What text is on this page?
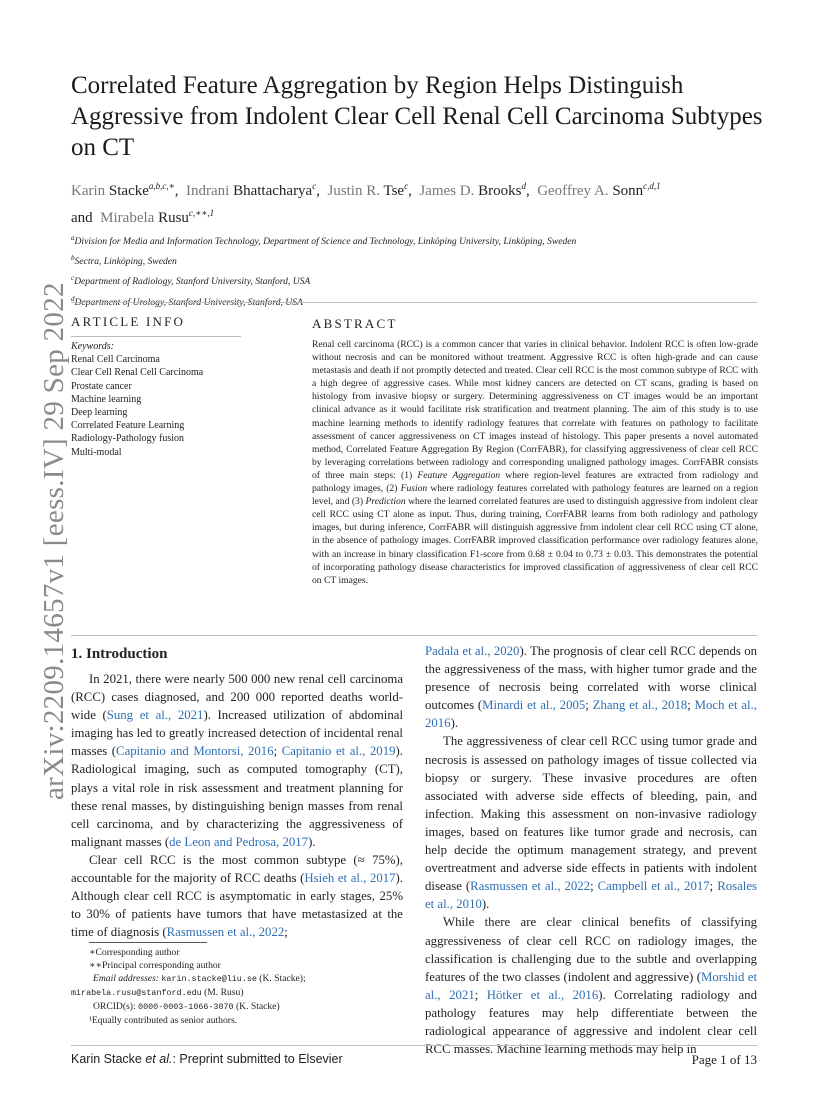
arXiv:2209.14657v1 [eess.IV] 29 Sep 2022
Correlated Feature Aggregation by Region Helps Distinguish Aggressive from Indolent Clear Cell Renal Cell Carcinoma Subtypes on CT
Karin Stacke$^{a,b,c,∗}$,  Indrani Bhattacharya$^c$,  Justin R. Tse$^c$,  James D. Brooks$^d$,  Geoffrey A. Sonn$^{c,d,1}$
and Mirabela Rusu$^{c,∗∗,1}$
$^a$Division for Media and Information Technology, Department of Science and Technology, Linköping University, Linköping, Sweden
$^b$Sectra, Linköping, Sweden
$^c$Department of Radiology, Stanford University, Stanford, USA
$^d$Department of Urology, Stanford University, Stanford, USA
ARTICLE INFO	ABSTRACT
Keywords:
Renal Cell Carcinoma
Clear Cell Renal Cell Carcinoma
Prostate cancer
Machine learning
Deep learning
Correlated Feature Learning
Radiology-Pathology fusion
Multi-modal

Renal cell carcinoma (RCC) is a common cancer that varies in clinical behavior. Indolent RCC is often low-grade without necrosis and can be monitored without treatment. Aggressive RCC is often high-grade and can cause metastasis and death if not promptly detected and treated. Clear cell RCC is the most common subtype of RCC with a high degree of aggressive cases. While most kidney cancers are detected on CT scans, grading is based on histology from invasive biopsy or surgery. Determining aggressiveness on CT images would be an important clinical advance as it would facilitate risk stratification and treatment planning. The aim of this study is to use machine learning methods to identify radiology features that correlate with features on pathology to facilitate assessment of cancer aggressiveness on CT images instead of histology. This paper presents a novel automated method, Correlated Feature Aggregation By Region (CorrFABR), for classifying aggressiveness of clear cell RCC by leveraging correlations between radiology and corresponding unaligned pathology images. CorrFABR consists of three main steps: (1) Feature Aggregation where region-level features are extracted from radiology and pathology images, (2) Fusion where radiology features correlated with pathology features are learned on a region level, and (3) Prediction where the learned correlated features are used to distinguish aggressive from indolent clear cell RCC using CT alone as input. Thus, during training, CorrFABR learns from both radiology and pathology images, but during inference, CorrFABR will distinguish aggressive from indolent clear cell RCC using CT alone, in the absence of pathology images. CorrFABR improved classification performance over radiology features alone, with an increase in binary classification F1-score from 0.68 ± 0.04 to 0.73 ± 0.03. This demonstrates the potential of incorporating pathology disease characteristics for improved classification of aggressiveness of clear cell RCC on CT images.

1. Introduction

In 2021, there were nearly 500 000 new renal cell carcinoma (RCC) cases diagnosed, and 200 000 reported deaths world-wide (Sung et al., 2021). Increased utilization of abdominal imaging has led to greatly increased detection of incidental renal masses (Capitanio and Montorsi, 2016; Capitanio et al., 2019). Radiological imaging, such as computed tomography (CT), plays a vital role in risk assessment and treatment planning for these renal masses, by distinguishing benign masses from renal cell carcinoma, and by characterizing the aggressiveness of malignant masses (de Leon and Pedrosa, 2017).

Clear cell RCC is the most common subtype (≈ 75%), accountable for the majority of RCC deaths (Hsieh et al., 2017). Although clear cell RCC is asymptomatic in early stages, 25% to 30% of patients have tumors that have metastasized at the time of diagnosis (Rasmussen et al., 2022;

Padala et al., 2020). The prognosis of clear cell RCC depends on the aggressiveness of the mass, with higher tumor grade and the presence of necrosis being correlated with worse clinical outcomes (Minardi et al., 2005; Zhang et al., 2018; Moch et al., 2016).

The aggressiveness of clear cell RCC using tumor grade and necrosis is assessed on pathology images of tissue collected via biopsy or surgery. These invasive procedures are often associated with adverse side effects of bleeding, pain, and infection. Making this assessment on non-invasive radiology images, based on features like tumor grade and necrosis, can help decide the optimum management strategy, and prevent overtreatment and adverse side effects in patients with indolent disease (Rasmussen et al., 2022; Campbell et al., 2017; Rosales et al., 2010).

While there are clear clinical benefits of classifying aggressiveness of clear cell RCC on radiology images, the classification is challenging due to the subtle and overlapping features of the two classes (indolent and aggressive) (Morshid et al., 2021; Hötker et al., 2016). Correlating radiology and pathology features may help differentiate between the radiological appearance of aggressive and indolent clear cell RCC masses. Machine learning methods may help in

∗Corresponding author
∗∗Principal corresponding author
Email addresses: karin.stacke@liu.se (K. Stacke);
mirabela.rusu@stanford.edu (M. Rusu)
ORCID(s): 0000-0003-1066-3070 (K. Stacke)
¹Equally contributed as senior authors.
Karin Stacke et al.: Preprint submitted to Elsevier	Page 1 of 13
